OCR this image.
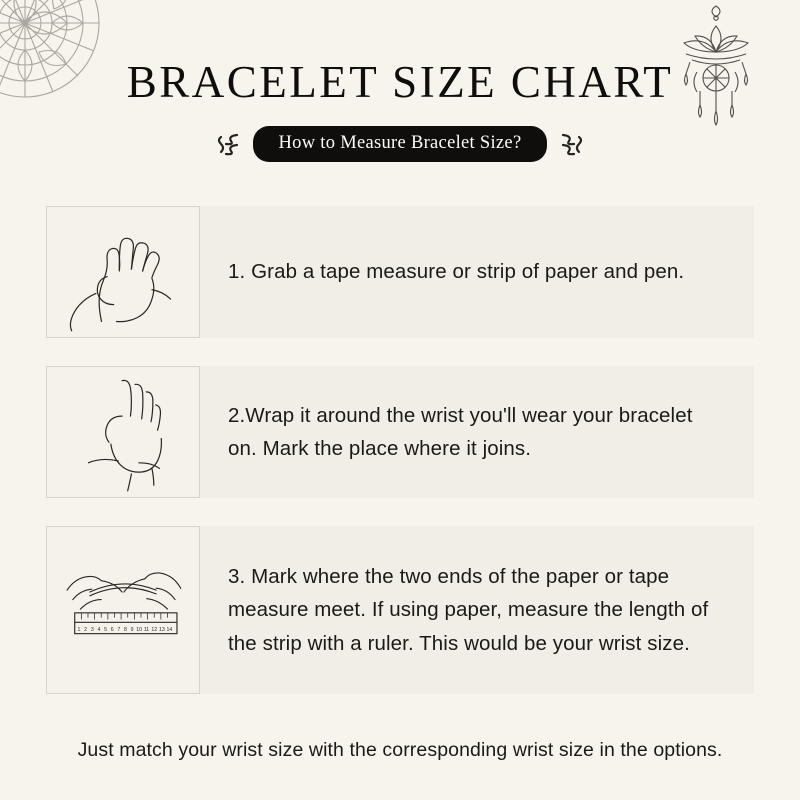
BRACELET SIZE CHART
How to Measure Bracelet Size?
1. Grab a tape measure or strip of paper and pen.
2.Wrap it around the wrist you'll wear your bracelet on. Mark the place where it joins.
1 2 3 4 5 6 7 8 9 10 11 12 13 14
3. Mark where the two ends of the paper or tape measure meet. If using paper, measure the length of the strip with a ruler. This would be your wrist size.
Just match your wrist size with the corresponding wrist size in the options.
